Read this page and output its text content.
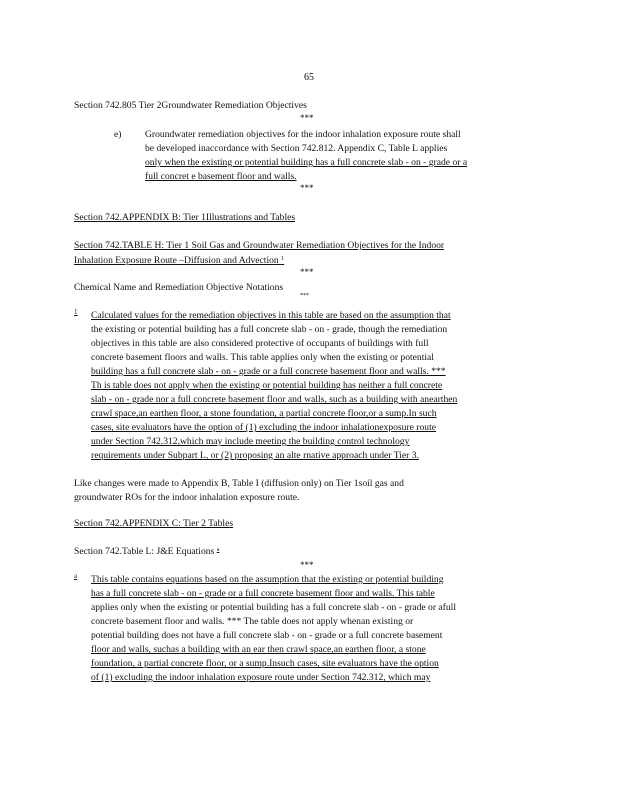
65
Section 742.805 Tier 2Groundwater Remediation Objectives
***
e) Groundwater remediation objectives for the indoor inhalation exposure route shall
be developed inaccordance with Section 742.812. Appendix C, Table L applies
only when the existing or potential building has a full concrete slab - on - grade or a
full concret e basement floor and walls.
***
Section 742.APPENDIX B: Tier 1Illustrations and Tables
Section 742.TABLE H: Tier 1 Soil Gas and Groundwater Remediation Objectives for the Indoor
Inhalation Exposure Route –Diffusion and Advection $^1$
***
Chemical Name and Remediation Objective Notations
***
1 Calculated values for the remediation objectives in this table are based on the assumption that
the existing or potential building has a full concrete slab - on - grade, though the remediation
objectives in this table are also considered protective of occupants of buildings with full
concrete basement floors and walls. This table applies only when the existing or potential
building has a full concrete slab - on - grade or a full concrete basement floor and walls. ***
Th is table does not apply when the existing or potential building has neither a full concrete
slab - on - grade nor a full concrete basement floor and walls, such as a building with anearthen
crawl space,an earthen floor, a stone foundation, a partial concrete floor,or a sump.In such
cases, site evaluators have the option of (1) excluding the indoor inhalationexposure route
under Section 742.312,which may include meeting the building control technology
requirements under Subpart L, or (2) proposing an alte rnative approach under Tier 3.
Like changes were made to Appendix B, Table I (diffusion only) on Tier 1soil gas and
groundwater ROs for the indoor inhalation exposure route.
Section 742.APPENDIX C: Tier 2 Tables
Section 742.Table L: J&E Equations $^a$
***
a This table contains equations based on the assumption that the existing or potential building
has a full concrete slab - on - grade or a full concrete basement floor and walls. This table
applies only when the existing or potential building has a full concrete slab - on - grade or afull
concrete basement floor and walls. *** The table does not apply whenan existing or
potential building does not have a full concrete slab - on - grade or a full concrete basement
floor and walls, suchas a building with an ear then crawl space,an earthen floor, a stone
foundation, a partial concrete floor, or a sump.Insuch cases, site evaluators have the option
of (1) excluding the indoor inhalation exposure route under Section 742.312, which may
